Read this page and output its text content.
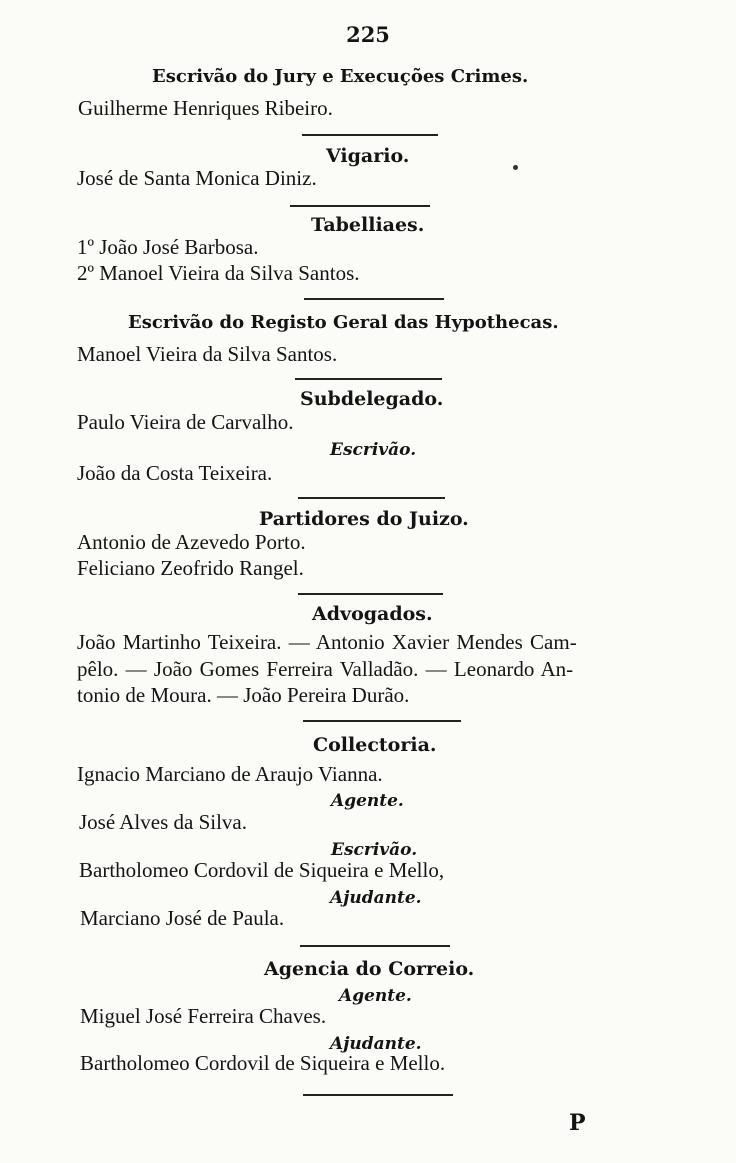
225
Escrivão do Jury e Execuções Crimes.
Guilherme Henriques Ribeiro.
Vigario.
José de Santa Monica Diniz.
Tabelliaes.
1º João José Barbosa.
2º Manoel Vieira da Silva Santos.
Escrivão do Registo Geral das Hypothecas.
Manoel Vieira da Silva Santos.
Subdelegado.
Paulo Vieira de Carvalho.
Escrivão.
João da Costa Teixeira.
Partidores do Juizo.
Antonio de Azevedo Porto.
Feliciano Zeofrido Rangel.
Advogados.
João Martinho Teixeira. — Antonio Xavier Mendes Cam-
pêlo. — João Gomes Ferreira Valladão. — Leonardo An-
tonio de Moura. — João Pereira Durão.
Collectoria.
Ignacio Marciano de Araujo Vianna.
Agente.
José Alves da Silva.
Escrivão.
Bartholomeo Cordovil de Siqueira e Mello,
Ajudante.
Marciano José de Paula.
Agencia do Correio.
Agente.
Miguel José Ferreira Chaves.
Ajudante.
Bartholomeo Cordovil de Siqueira e Mello.
P
